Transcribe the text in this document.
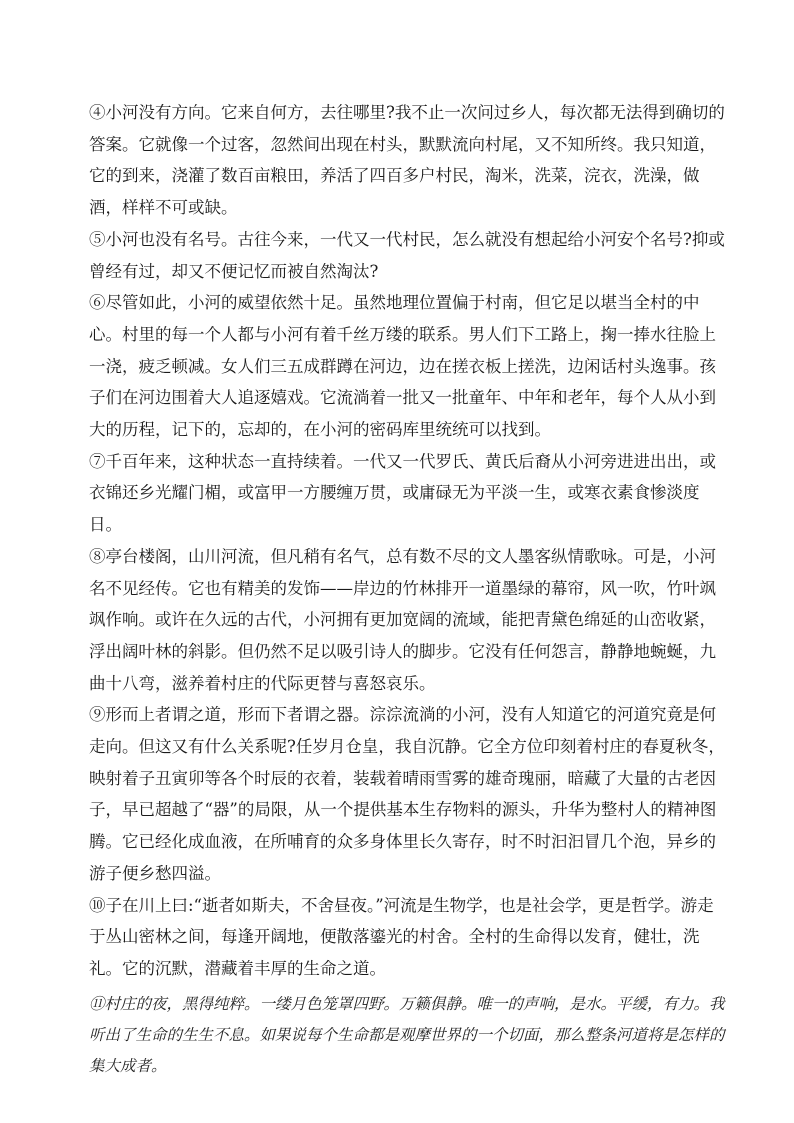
④小河没有方向。它来自何方，去往哪里?我不止一次问过乡人，每次都无法得到确切的答案。它就像一个过客，忽然间出现在村头，默默流向村尾，又不知所终。我只知道，它的到来，浇灌了数百亩粮田，养活了四百多户村民，淘米，洗菜，浣衣，洗澡，做酒，样样不可或缺。

⑤小河也没有名号。古往今来，一代又一代村民，怎么就没有想起给小河安个名号?抑或曾经有过，却又不便记忆而被自然淘汰?

⑥尽管如此，小河的威望依然十足。虽然地理位置偏于村南，但它足以堪当全村的中心。村里的每一个人都与小河有着千丝万缕的联系。男人们下工路上，掬一捧水往脸上一浇，疲乏顿减。女人们三五成群蹲在河边，边在搓衣板上搓洗，边闲话村头逸事。孩子们在河边围着大人追逐嬉戏。它流淌着一批又一批童年、中年和老年，每个人从小到大的历程，记下的，忘却的，在小河的密码库里统统可以找到。

⑦千百年来，这种状态一直持续着。一代又一代罗氏、黄氏后裔从小河旁进进出出，或衣锦还乡光耀门楣，或富甲一方腰缠万贯，或庸碌无为平淡一生，或寒衣素食惨淡度日。

⑧亭台楼阁，山川河流，但凡稍有名气，总有数不尽的文人墨客纵情歌咏。可是，小河名不见经传。它也有精美的发饰——岸边的竹林排开一道墨绿的幕帘，风一吹，竹叶飒飒作响。或许在久远的古代，小河拥有更加宽阔的流域，能把青黛色绵延的山峦收紧，浮出阔叶林的斜影。但仍然不足以吸引诗人的脚步。它没有任何怨言，静静地蜿蜒，九曲十八弯，滋养着村庄的代际更替与喜怒哀乐。

⑨形而上者谓之道，形而下者谓之器。淙淙流淌的小河，没有人知道它的河道究竟是何走向。但这又有什么关系呢?任岁月仓皇，我自沉静。它全方位印刻着村庄的春夏秋冬，映射着子丑寅卯等各个时辰的衣着，装载着晴雨雪雾的雄奇瑰丽，暗藏了大量的古老因子，早已超越了“器”的局限，从一个提供基本生存物料的源头，升华为整村人的精神图腾。它已经化成血液，在所哺育的众多身体里长久寄存，时不时汩汩冒几个泡，异乡的游子便乡愁四溢。

⑩子在川上曰:“逝者如斯夫，不舍昼夜。”河流是生物学，也是社会学，更是哲学。游走于丛山密林之间，每逢开阔地，便散落鎏光的村舍。全村的生命得以发育，健壮，洗礼。它的沉默，潜藏着丰厚的生命之道。

⑪村庄的夜，黑得纯粹。一缕月色笼罩四野。万籁俱静。唯一的声响，是水。平缓，有力。我听出了生命的生生不息。如果说每个生命都是观摩世界的一个切面，那么整条河道将是怎样的集大成者。
